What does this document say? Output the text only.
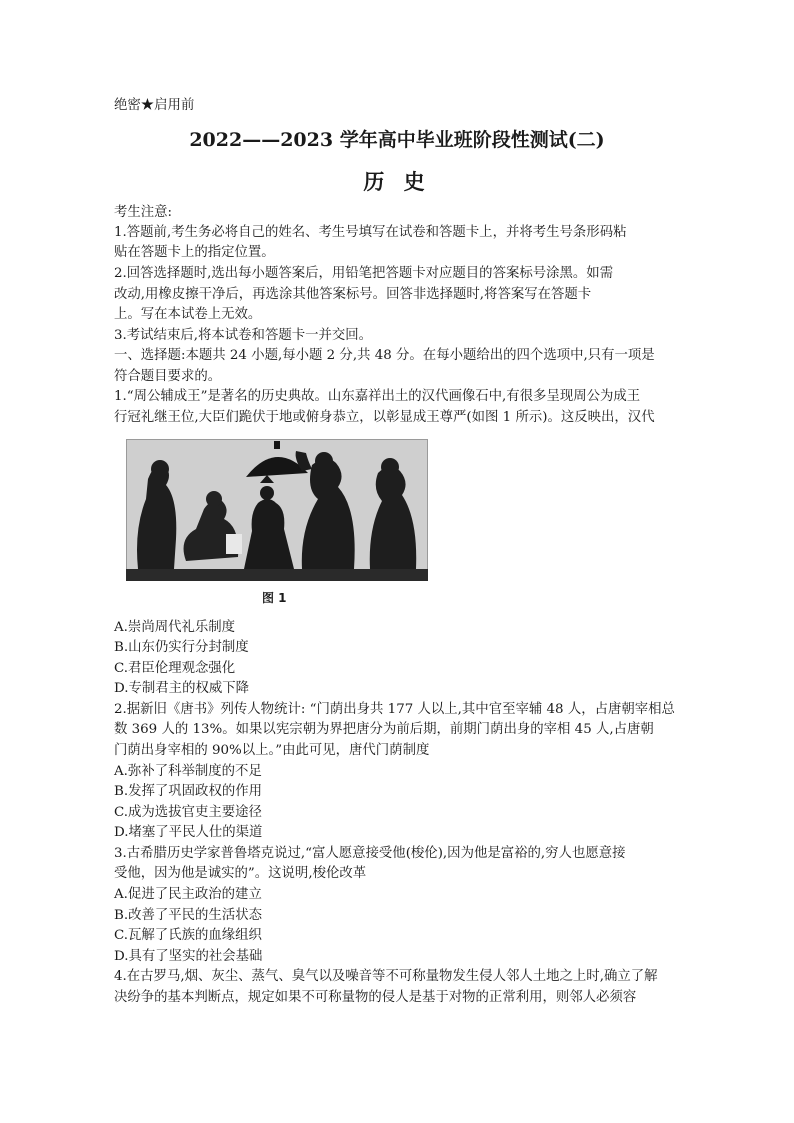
绝密★启用前
2022——2023 学年高中毕业班阶段性测试(二)
历 史
考生注意:
1.答题前,考生务必将自己的姓名、考生号填写在试卷和答题卡上，并将考生号条形码粘
贴在答题卡上的指定位置。
2.回答选择题时,选出每小题答案后，用铅笔把答题卡对应题目的答案标号涂黑。如需
改动,用橡皮擦干净后，再选涂其他答案标号。回答非选择题时,将答案写在答题卡
上。写在本试卷上无效。
3.考试结束后,将本试卷和答题卡一并交回。
一、选择题:本题共 24 小题,每小题 2 分,共 48 分。在每小题给出的四个选项中,只有一项是
符合题目要求的。
1.“周公辅成王”是著名的历史典故。山东嘉祥出土的汉代画像石中,有很多呈现周公为成王
行冠礼继王位,大臣们跪伏于地或俯身恭立，以彰显成王尊严(如图 1 所示)。这反映出，汉代
图 1
A.崇尚周代礼乐制度
B.山东仍实行分封制度
C.君臣伦理观念强化
D.专制君主的权威下降
2.据新旧《唐书》列传人物统计: “门荫出身共 177 人以上,其中官至宰辅 48 人，占唐朝宰相总
数 369 人的 13%。如果以宪宗朝为界把唐分为前后期，前期门荫出身的宰相 45 人,占唐朝
门荫出身宰相的 90%以上。”由此可见，唐代门荫制度
A.弥补了科举制度的不足
B.发挥了巩固政权的作用
C.成为选拔官吏主要途径
D.堵塞了平民人仕的渠道
3.古希腊历史学家普鲁塔克说过,“富人愿意接受他(梭伦),因为他是富裕的,穷人也愿意接
受他，因为他是诚实的”。这说明,梭伦改革
A.促进了民主政治的建立
B.改善了平民的生活状态
C.瓦解了氏族的血缘组织
D.具有了坚实的社会基础
4.在古罗马,烟、灰尘、蒸气、臭气以及噪音等不可称量物发生侵人邻人土地之上时,确立了解
决纷争的基本判断点，规定如果不可称量物的侵人是基于对物的正常利用，则邻人必须容
